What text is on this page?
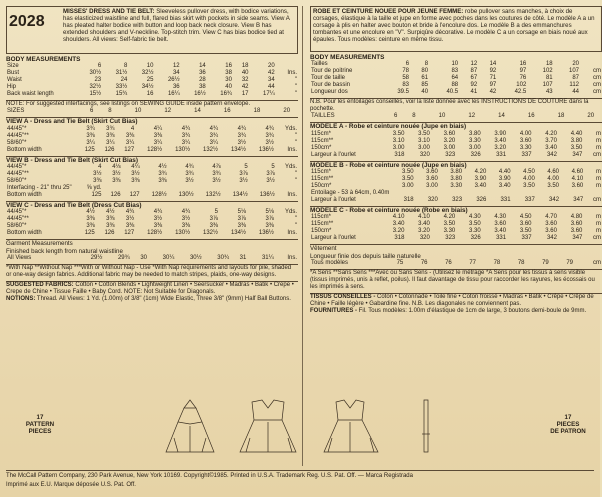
2028
MISSES' DRESS AND TIE BELT: Sleeveless pullover dress, with bodice variations, has elasticized waistline and full, flared bias skirt with pockets in side seams. View A has pleated halter bodice with button and loop back neck closure. View B has extended shoulders and V-neckline. Top-stitch trim. View C has bias bodice tied at shoulders. All views: Self-fabric tie belt.
BODY MEASUREMENTS
Size	6	8	10	12	14	16	18	20	
Bust	30½	31½	32½	34	36	38	40	42	Ins.
Waist	23	24	25	26½	28	30	32	34	"
Hip	32½	33½	34½	36	38	40	42	44	"
Back waist length	15½	15¾	16	16¼	16½	16¾	17	17¼	"
NOTE: For suggested interfacings, see listings on SEWING GUIDE inside pattern envelope.
SIZES	6	8	10	12	14	16	18	20	
VIEW A - Dress and Tie Belt (Skirt Cut Bias)
44/45"*	3¾	3¾	4	4¼	4¾	4¾	4¾	4¾	Yds.
44/45"**	3⅜	3⅜	3⅜	3⅜	3¾	3¾	3¾	3¾	"
58/60"*	3¼	3¼	3¼	3¼	3¼	3¼	3½	3½	"
Bottom width	125	126	127	128½	130½	132½	134½	136½	Ins.
VIEW B - Dress and Tie Belt (Skirt Cut Bias)
44/45"*	4	4⅛	4¼	4½	4¾	4⅞	5	5	Yds.
44/45"**	3½	3½	3½	3¾	3¾	3¾	3⅞	3⅞	"
58/60"*	3⅜	3⅜	3⅜	3⅜	3½	3½	3½	3½	"
Interfacing - 21" thru 25"	⅝ yd.								
Bottom width	125	126	127	128½	130½	132½	134½	136½	Ins.
VIEW C - Dress and Tie Belt (Dress Cut Bias)
44/45"*	4½	4½	4¾	4¾	4¾	5	5⅛	5⅛	Yds.
44/45"**	3⅜	3⅜	3½	3½	3½	3⅞	3⅞	3⅞	"
58/60"*	3⅜	3⅜	3⅜	3⅜	3⅜	3⅜	3⅜	3⅜	"
Bottom width	125	126	127	128½	130½	132½	134½	136½	Ins.
Garment Measurements
Finished back length from natural waistline
All Views	29½	29¾	30	30¼	30½	30¾	31	31¼	Ins.
*With Nap **Without Nap ***With or Without Nap - Use *With Nap requirements and layouts for pile, shaded or one-way design fabrics. Additional fabric may be needed to match stripes, plaids, one-way designs.
SUGGESTED FABRICS: Cotton • Cotton Blends • Lightweight Linen • Seersucker • Madras • Batik • Crepe • Crepe de Chine • Tissue Faille • Baby Cord. NOTE: Not Suitable for Diagonals.
NOTIONS: Thread. All Views: 1 Yd. (1.00m) of 3/8" (1cm) Wide Elastic, Three 3/8" (9mm) Half Ball Buttons.
ROBE ET CEINTURE NOUEE POUR JEUNE FEMME: robe pullover sans manches, à choix de corsages, élastique à la taille et jupe en forme avec poches dans les coutures de côté. Le modèle A a un corsage à plis en halter avec bouton et bride à l'encolure dos. Le modèle B a des emmanchures tombantes et une encolure en "V". Surpiqûre décorative. Le modèle C a un corsage en biais noué aux épaules. Tous modèles: ceinture en même tissu.
BODY MEASUREMENTS
Tailles	6	8	10	12	14	16	18	20	
Tour de poitrine	78	80	83	87	92	97	102	107	cm
Tour de taille	58	61	64	67	71	76	81	87	cm
Tour de bassin	83	85	88	92	97	102	107	112	cm
Longueur dos	39.5	40	40.5	41	42	42.5	43	44	cm
N.B. Pour les entoilages conseillés, voir la liste donnée avec les INSTRUCTIONS DE COUTURE dans la pochette.
TAILLES	6	8	10	12	14	16	18	20	
MODELE A - Robe et ceinture nouée (Jupe en biais)
115cm*	3.50	3.50	3.60	3.80	3.90	4.00	4.20	4.40	m
115cm**	3.10	3.10	3.20	3.30	3.40	3.60	3.70	3.80	m
150cm*	3.00	3.00	3.00	3.00	3.20	3.30	3.40	3.50	m
Largeur à l'ourlet	318	320	323	326	331	337	342	347	cm
MODELE B - Robe et ceinture nouée (Jupe en biais)
115cm*	3.50	3.60	3.80	4.20	4.40	4.50	4.60	4.60	m
115cm**	3.50	3.60	3.80	3.90	3.90	4.00	4.00	4.10	m
150cm*	3.00	3.00	3.30	3.40	3.40	3.50	3.50	3.60	m
Entoilage - 53 à 64cm, 0.40m									
Largeur à l'ourlet	318	320	323	326	331	337	342	347	cm
MODELE C - Robe et ceinture nouée (Robe en biais)
115cm*	4.10	4.10	4.20	4.30	4.30	4.50	4.70	4.80	m
115cm**	3.40	3.40	3.50	3.50	3.60	3.60	3.60	3.60	m
150cm*	3.20	3.20	3.30	3.30	3.40	3.50	3.60	3.60	m
Largeur à l'ourlet	318	320	323	326	331	337	342	347	cm
Vêtement
Longueur finie dos depuis taille naturelle
Tous modèles	75	76	76	77	78	78	79	79	cm
*A Sens **Sans Sens ***Avec ou Sans Sens - (Utilisez le métrage *A Sens pour les tissus à sens visible (tissus imprimés, unis à reflet, poilus). Il faut davantage de tissu pour raccorder les rayures, les écossais ou les imprimés à sens.
TISSUS CONSEILLES - Coton • Cotonnade • Toile fine • Coton froissé • Madras • Batik • Crêpe • Crêpe de Chine • Faille légère • Gabardine fine. N.B. Les diagonales ne conviennent pas.
FOURNITURES - Fil. Tous modèles: 1.00m d'élastique de 1cm de large, 3 boutons demi-boule de 9mm.
17
PATTERN
PIECES
17
PIECES
DE PATRON
The McCall Pattern Company, 230 Park Avenue, New York 10169. Copyright©1985. Printed in U.S.A. Trademark Reg. U.S. Pat. Off. — Marca Registrada
Imprimé aux E.U. Marque déposée U.S. Pat. Off.
